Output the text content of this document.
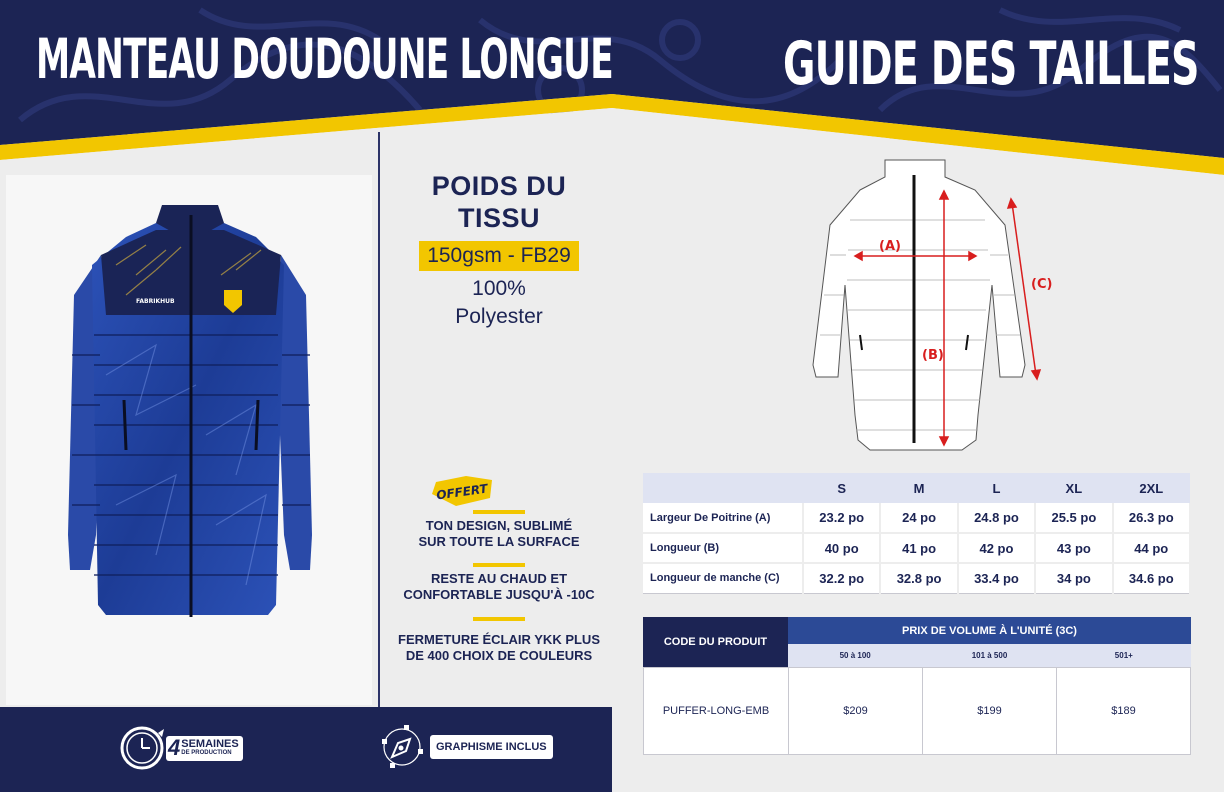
MANTEAU DOUDOUNE LONGUE	GUIDE DES TAILLES
FABRIKHUB
POIDS DU
TISSU
150gsm - FB29
100%
Polyester
OFFERT
TON DESIGN, SUBLIMÉ
SUR TOUTE LA SURFACE
RESTE AU CHAUD ET
CONFORTABLE JUSQU'À -10C
FERMETURE ÉCLAIR YKK PLUS
DE 400 CHOIX DE COULEURS
4 SEMAINES
DE PRODUCTION	GRAPHISME INCLUS
(A)
(B)
(C)
	S	M	L	XL	2XL
Largeur De Poitrine (A)	23.2 po	24 po	24.8 po	25.5 po	26.3 po
Longueur (B)	40 po	41 po	42 po	43 po	44 po
Longueur de manche (C)	32.2 po	32.8 po	33.4 po	34 po	34.6 po
CODE DU PRODUIT
PRIX DE VOLUME À L'UNITÉ (3C)
50 à 100	101 à 500	501+
PUFFER-LONG-EMB	$209	$199	$189
